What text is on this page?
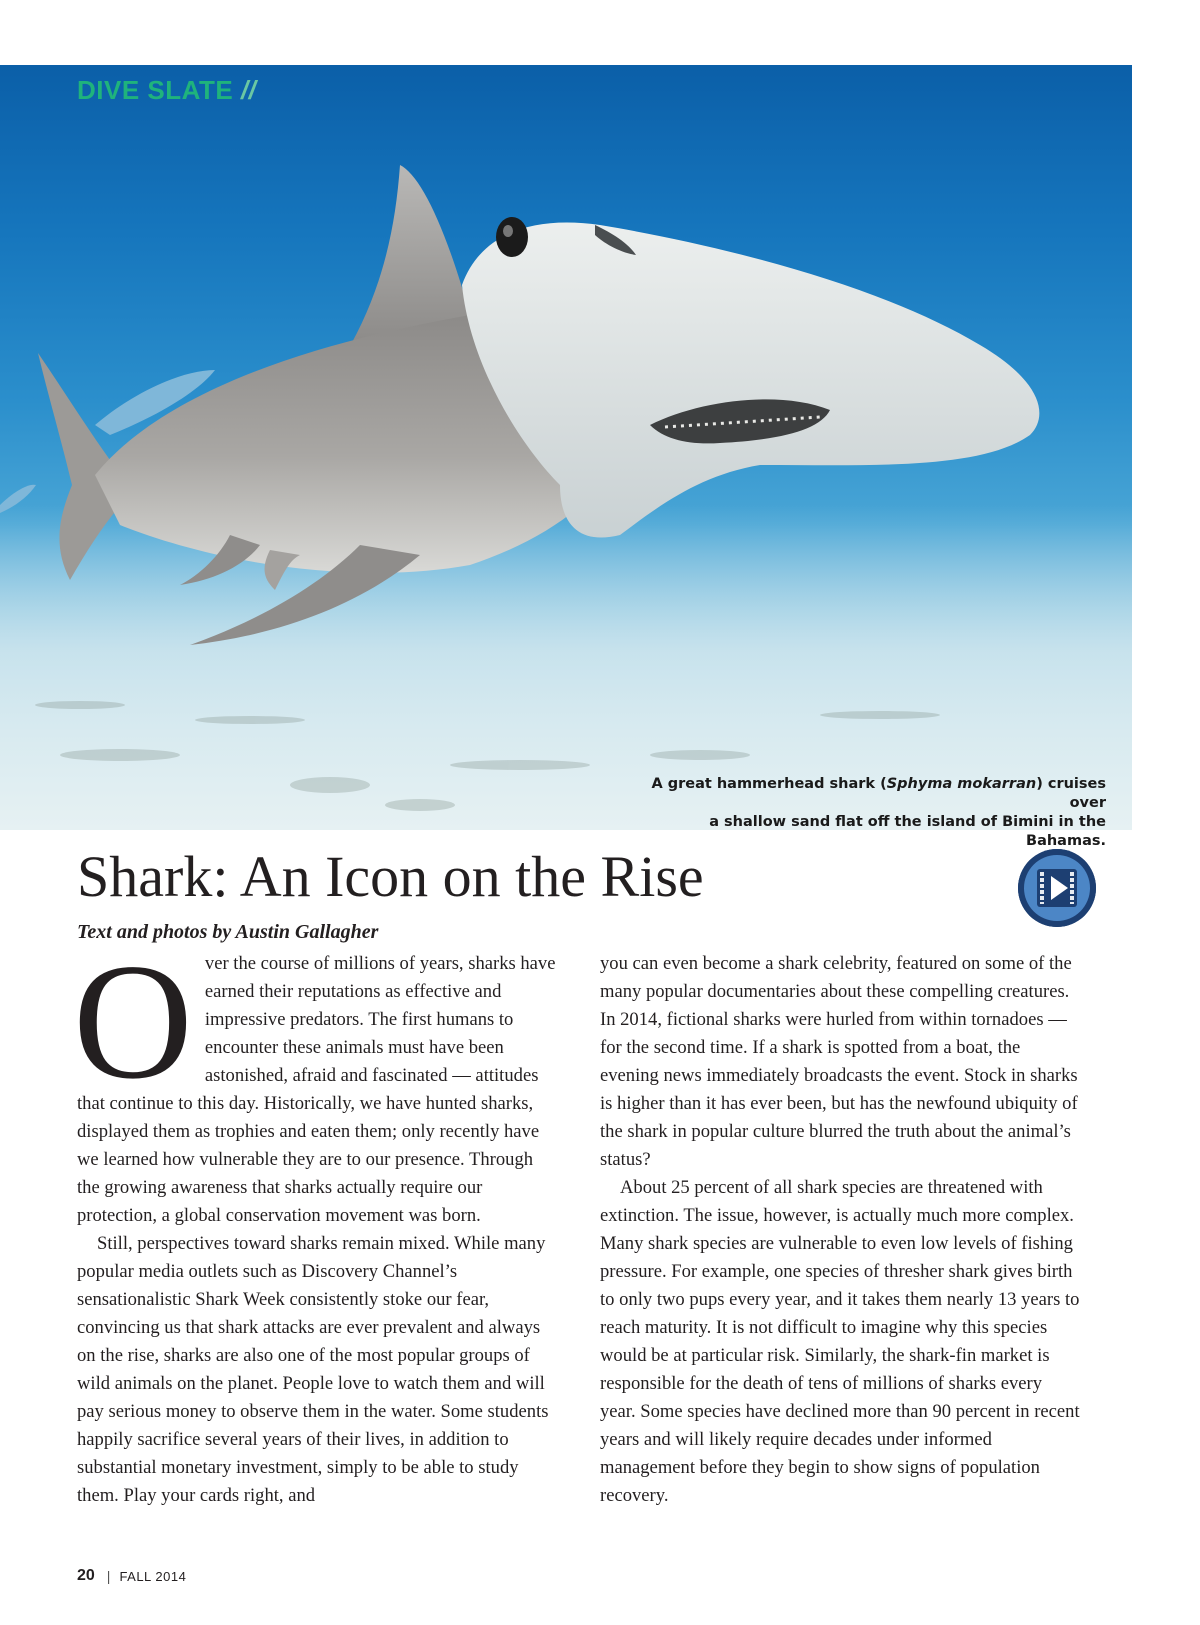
DIVE SLATE //
A great hammerhead shark (Sphyma mokarran) cruises over
a shallow sand flat off the island of Bimini in the Bahamas.
Shark: An Icon on the Rise
Text and photos by Austin Gallagher

Over the course of millions of years, sharks have earned their reputations as effective and impressive predators. The first humans to encounter these animals must have been astonished, afraid and fascinated — attitudes that continue to this day. Historically, we have hunted sharks, displayed them as trophies and eaten them; only recently have we learned how vulnerable they are to our presence. Through the growing awareness that sharks actually require our protection, a global conservation movement was born.

Still, perspectives toward sharks remain mixed. While many popular media outlets such as Discovery Channel’s sensationalistic Shark Week consistently stoke our fear, convincing us that shark attacks are ever prevalent and always on the rise, sharks are also one of the most popular groups of wild animals on the planet. People love to watch them and will pay serious money to observe them in the water. Some students happily sacrifice several years of their lives, in addition to substantial monetary investment, simply to be able to study them. Play your cards right, and

you can even become a shark celebrity, featured on some of the many popular documentaries about these compelling creatures. In 2014, fictional sharks were hurled from within tornadoes — for the second time. If a shark is spotted from a boat, the evening news immediately broadcasts the event. Stock in sharks is higher than it has ever been, but has the newfound ubiquity of the shark in popular culture blurred the truth about the animal’s status?

About 25 percent of all shark species are threatened with extinction. The issue, however, is actually much more complex. Many shark species are vulnerable to even low levels of fishing pressure. For example, one species of thresher shark gives birth to only two pups every year, and it takes them nearly 13 years to reach maturity. It is not difficult to imagine why this species would be at particular risk. Similarly, the shark-fin market is responsible for the death of tens of millions of sharks every year. Some species have declined more than 90 percent in recent years and will likely require decades under informed management before they begin to show signs of population recovery.

20 | FALL 2014
